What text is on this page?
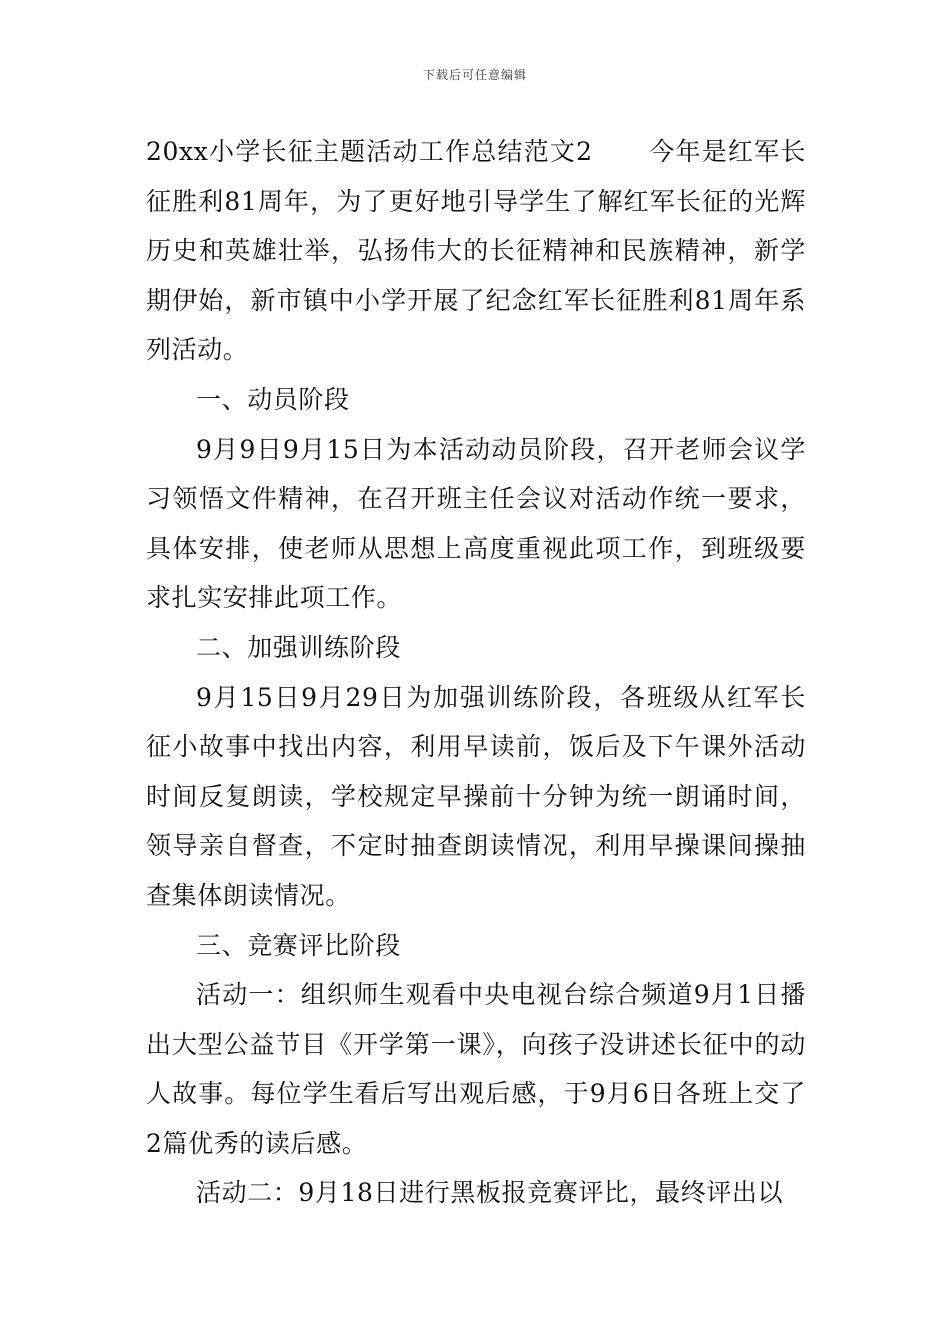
下载后可任意编辑

20xx小学长征主题活动工作总结范文2 今年是红军长征胜利81周年，为了更好地引导学生了解红军长征的光辉历史和英雄壮举，弘扬伟大的长征精神和民族精神，新学期伊始，新市镇中小学开展了纪念红军长征胜利81周年系列活动。

一、动员阶段

9月9日9月15日为本活动动员阶段，召开老师会议学习领悟文件精神，在召开班主任会议对活动作统一要求，具体安排，使老师从思想上高度重视此项工作，到班级要求扎实安排此项工作。

二、加强训练阶段

9月15日9月29日为加强训练阶段，各班级从红军长征小故事中找出内容，利用早读前，饭后及下午课外活动时间反复朗读，学校规定早操前十分钟为统一朗诵时间，领导亲自督查，不定时抽查朗读情况，利用早操课间操抽查集体朗读情况。

三、竞赛评比阶段

活动一：组织师生观看中央电视台综合频道9月1日播出大型公益节目《开学第一课》，向孩子没讲述长征中的动人故事。每位学生看后写出观后感，于9月6日各班上交了2篇优秀的读后感。

活动二：9月18日进行黑板报竞赛评比，最终评出以
